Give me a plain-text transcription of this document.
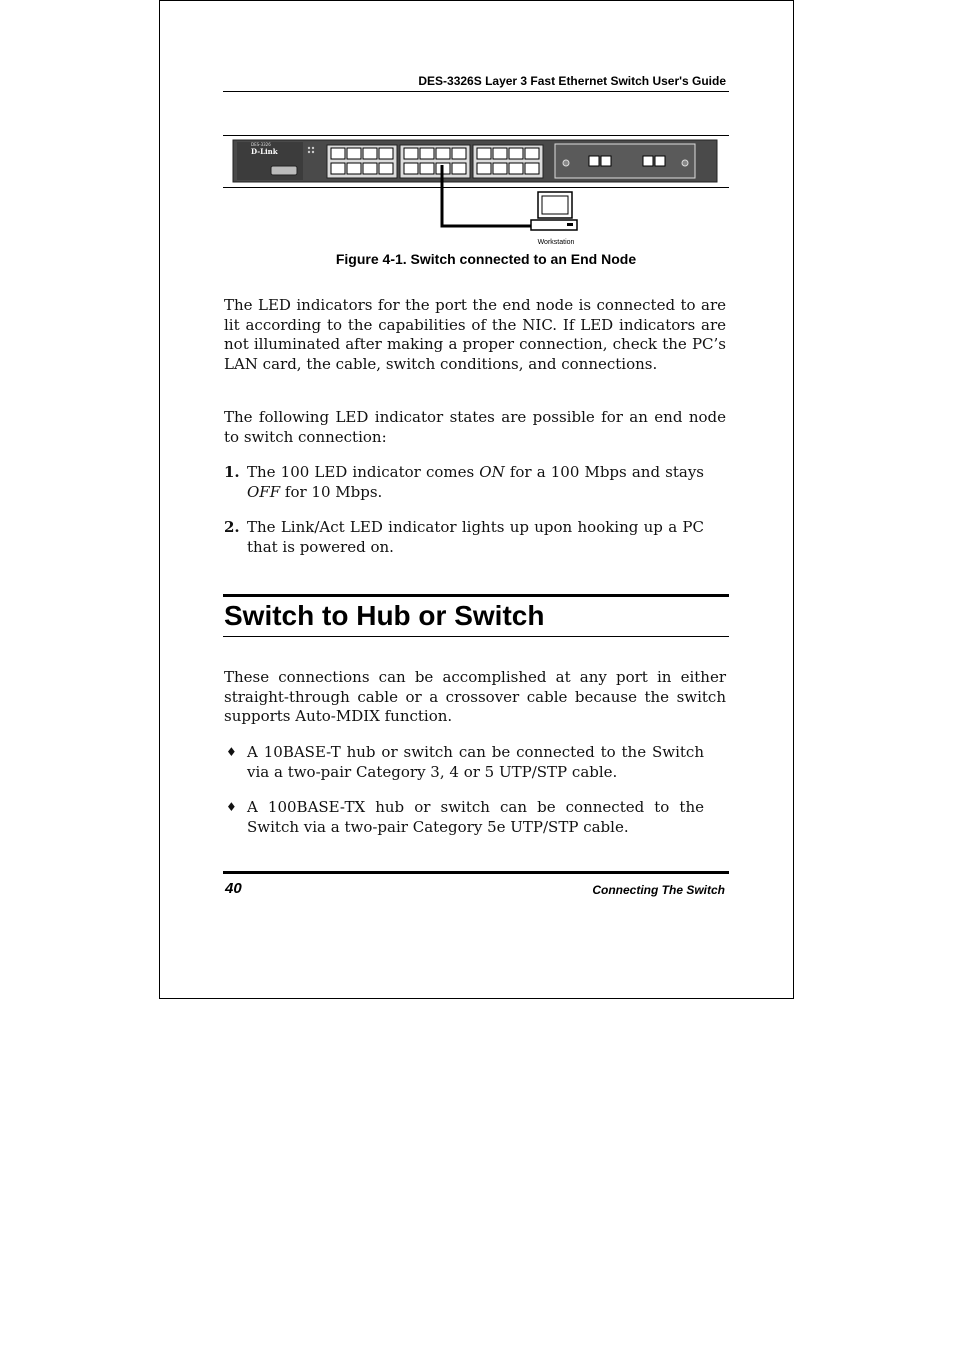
DES-3326S Layer 3 Fast Ethernet Switch User's Guide
DES-3326
D-Link
Workstation
Figure 4-1. Switch connected to an End Node

The LED indicators for the port the end node is connected to are lit according to the capabilities of the NIC. If LED indicators are not illuminated after making a proper connection, check the PC’s LAN card, the cable, switch conditions, and connections.

The following LED indicator states are possible for an end node to switch connection:

1. The 100 LED indicator comes ON for a 100 Mbps and stays OFF for 10 Mbps.
2. The Link/Act LED indicator lights up upon hooking up a PC that is powered on.
Switch to Hub or Switch

These connections can be accomplished at any port in either straight-through cable or a crossover cable because the switch supports Auto-MDIX function.

♦ A 10BASE-T hub or switch can be connected to the Switch via a two-pair Category 3, 4 or 5 UTP/STP cable.
♦ A 100BASE-TX hub or switch can be connected to the Switch via a two-pair Category 5e UTP/STP cable.
40	Connecting The Switch
